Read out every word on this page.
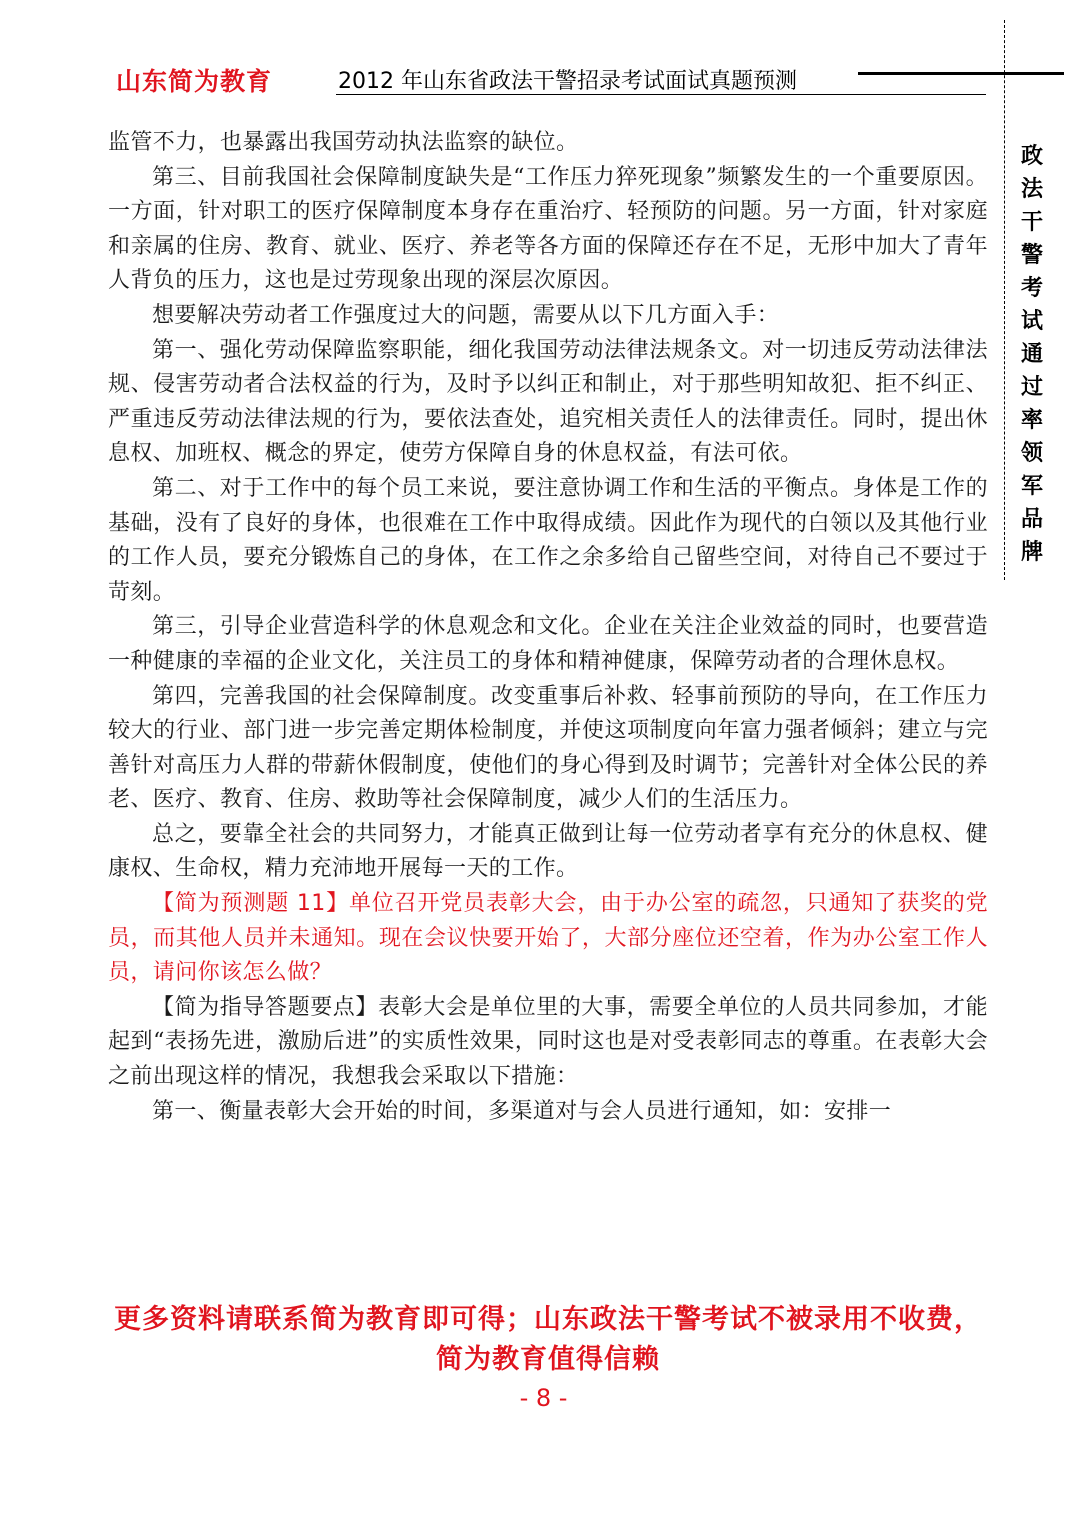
山东简为教育	2012 年山东省政法干警招录考试面试真题预测
政法干警考试通过率领军品牌

监管不力，也暴露出我国劳动执法监察的缺位。

第三、目前我国社会保障制度缺失是“工作压力猝死现象”频繁发生的一个重要原因。一方面，针对职工的医疗保障制度本身存在重治疗、轻预防的问题。另一方面，针对家庭和亲属的住房、教育、就业、医疗、养老等各方面的保障还存在不足，无形中加大了青年人背负的压力，这也是过劳现象出现的深层次原因。

想要解决劳动者工作强度过大的问题，需要从以下几方面入手：

第一、强化劳动保障监察职能，细化我国劳动法律法规条文。对一切违反劳动法律法规、侵害劳动者合法权益的行为，及时予以纠正和制止，对于那些明知故犯、拒不纠正、严重违反劳动法律法规的行为，要依法查处，追究相关责任人的法律责任。同时，提出休息权、加班权、概念的界定，使劳方保障自身的休息权益，有法可依。

第二、对于工作中的每个员工来说，要注意协调工作和生活的平衡点。身体是工作的基础，没有了良好的身体，也很难在工作中取得成绩。因此作为现代的白领以及其他行业的工作人员，要充分锻炼自己的身体，在工作之余多给自己留些空间，对待自己不要过于苛刻。

第三，引导企业营造科学的休息观念和文化。企业在关注企业效益的同时，也要营造一种健康的幸福的企业文化，关注员工的身体和精神健康，保障劳动者的合理休息权。

第四，完善我国的社会保障制度。改变重事后补救、轻事前预防的导向，在工作压力较大的行业、部门进一步完善定期体检制度，并使这项制度向年富力强者倾斜；建立与完善针对高压力人群的带薪休假制度，使他们的身心得到及时调节；完善针对全体公民的养老、医疗、教育、住房、救助等社会保障制度，减少人们的生活压力。

总之，要靠全社会的共同努力，才能真正做到让每一位劳动者享有充分的休息权、健康权、生命权，精力充沛地开展每一天的工作。

【简为预测题 11】单位召开党员表彰大会，由于办公室的疏忽，只通知了获奖的党员，而其他人员并未通知。现在会议快要开始了，大部分座位还空着，作为办公室工作人员，请问你该怎么做？

【简为指导答题要点】表彰大会是单位里的大事，需要全单位的人员共同参加，才能起到“表扬先进，激励后进”的实质性效果，同时这也是对受表彰同志的尊重。在表彰大会之前出现这样的情况，我想我会采取以下措施：

第一、衡量表彰大会开始的时间，多渠道对与会人员进行通知，如：安排一

更多资料请联系简为教育即可得；山东政法干警考试不被录用不收费，
简为教育值得信赖
- 8 -
